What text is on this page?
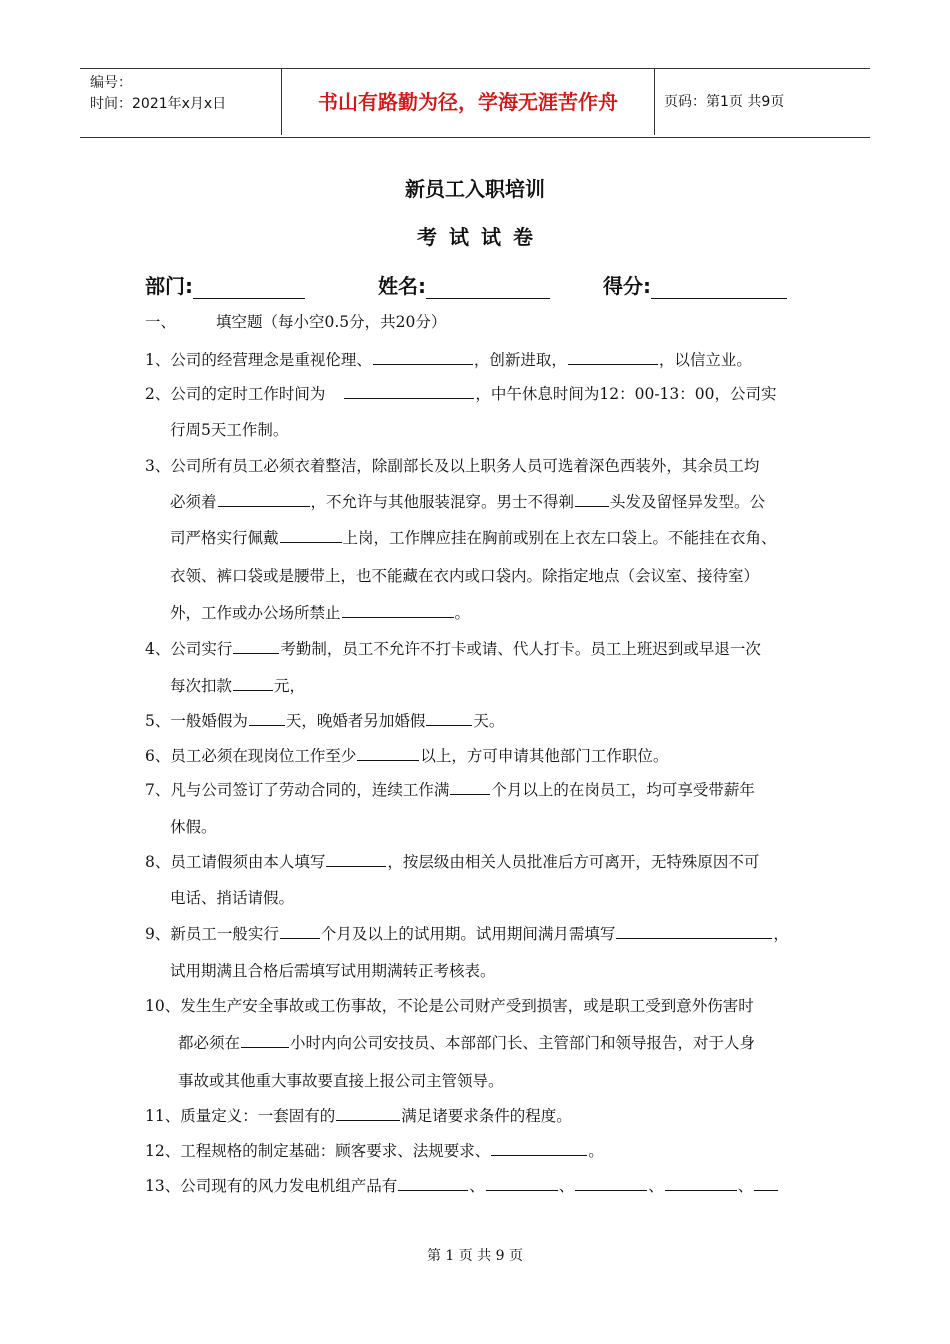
编号：
时间：2021年x月x日	书山有路勤为径，学海无涯苦作舟	页码：第1页 共9页
新员工入职培训
考试试卷
部门:	姓名:	得分:
一、	填空题（每小空0.5分，共20分）
1、公司的经营理念是重视伦理、	，创新进取，	，以信立业。
2、公司的定时工作时间为	，中午休息时间为12：00-13：00，公司实
行周5天工作制。
3、公司所有员工必须衣着整洁，除副部长及以上职务人员可选着深色西装外，其余员工均
必须着	，不允许与其他服装混穿。男士不得剃 头发及留怪异发型。公
司严格实行佩戴	上岗，工作牌应挂在胸前或别在上衣左口袋上。不能挂在衣角、
衣领、裤口袋或是腰带上，也不能藏在衣内或口袋内。除指定地点（会议室、接待室）
外，工作或办公场所禁止	。
4、公司实行	考勤制，员工不允许不打卡或请、代人打卡。员工上班迟到或早退一次
每次扣款	元，
5、一般婚假为 天，晚婚者另加婚假	天。
6、员工必须在现岗位工作至少	以上，方可申请其他部门工作职位。
7、凡与公司签订了劳动合同的，连续工作满	个月以上的在岗员工，均可享受带薪年
休假。
8、员工请假须由本人填写	，按层级由相关人员批准后方可离开，无特殊原因不可
电话、捎话请假。
9、新员工一般实行	个月及以上的试用期。试用期间满月需填写	，
试用期满且合格后需填写试用期满转正考核表。
10、发生生产安全事故或工伤事故，不论是公司财产受到损害，或是职工受到意外伤害时
都必须在	小时内向公司安技员、本部部门长、主管部门和领导报告，对于人身
事故或其他重大事故要直接上报公司主管领导。
11、质量定义：一套固有的	满足诸要求条件的程度。
12、工程规格的制定基础：顾客要求、法规要求、	。
13、公司现有的风力发电机组产品有	、	、	、	、
第 1 页 共 9 页
